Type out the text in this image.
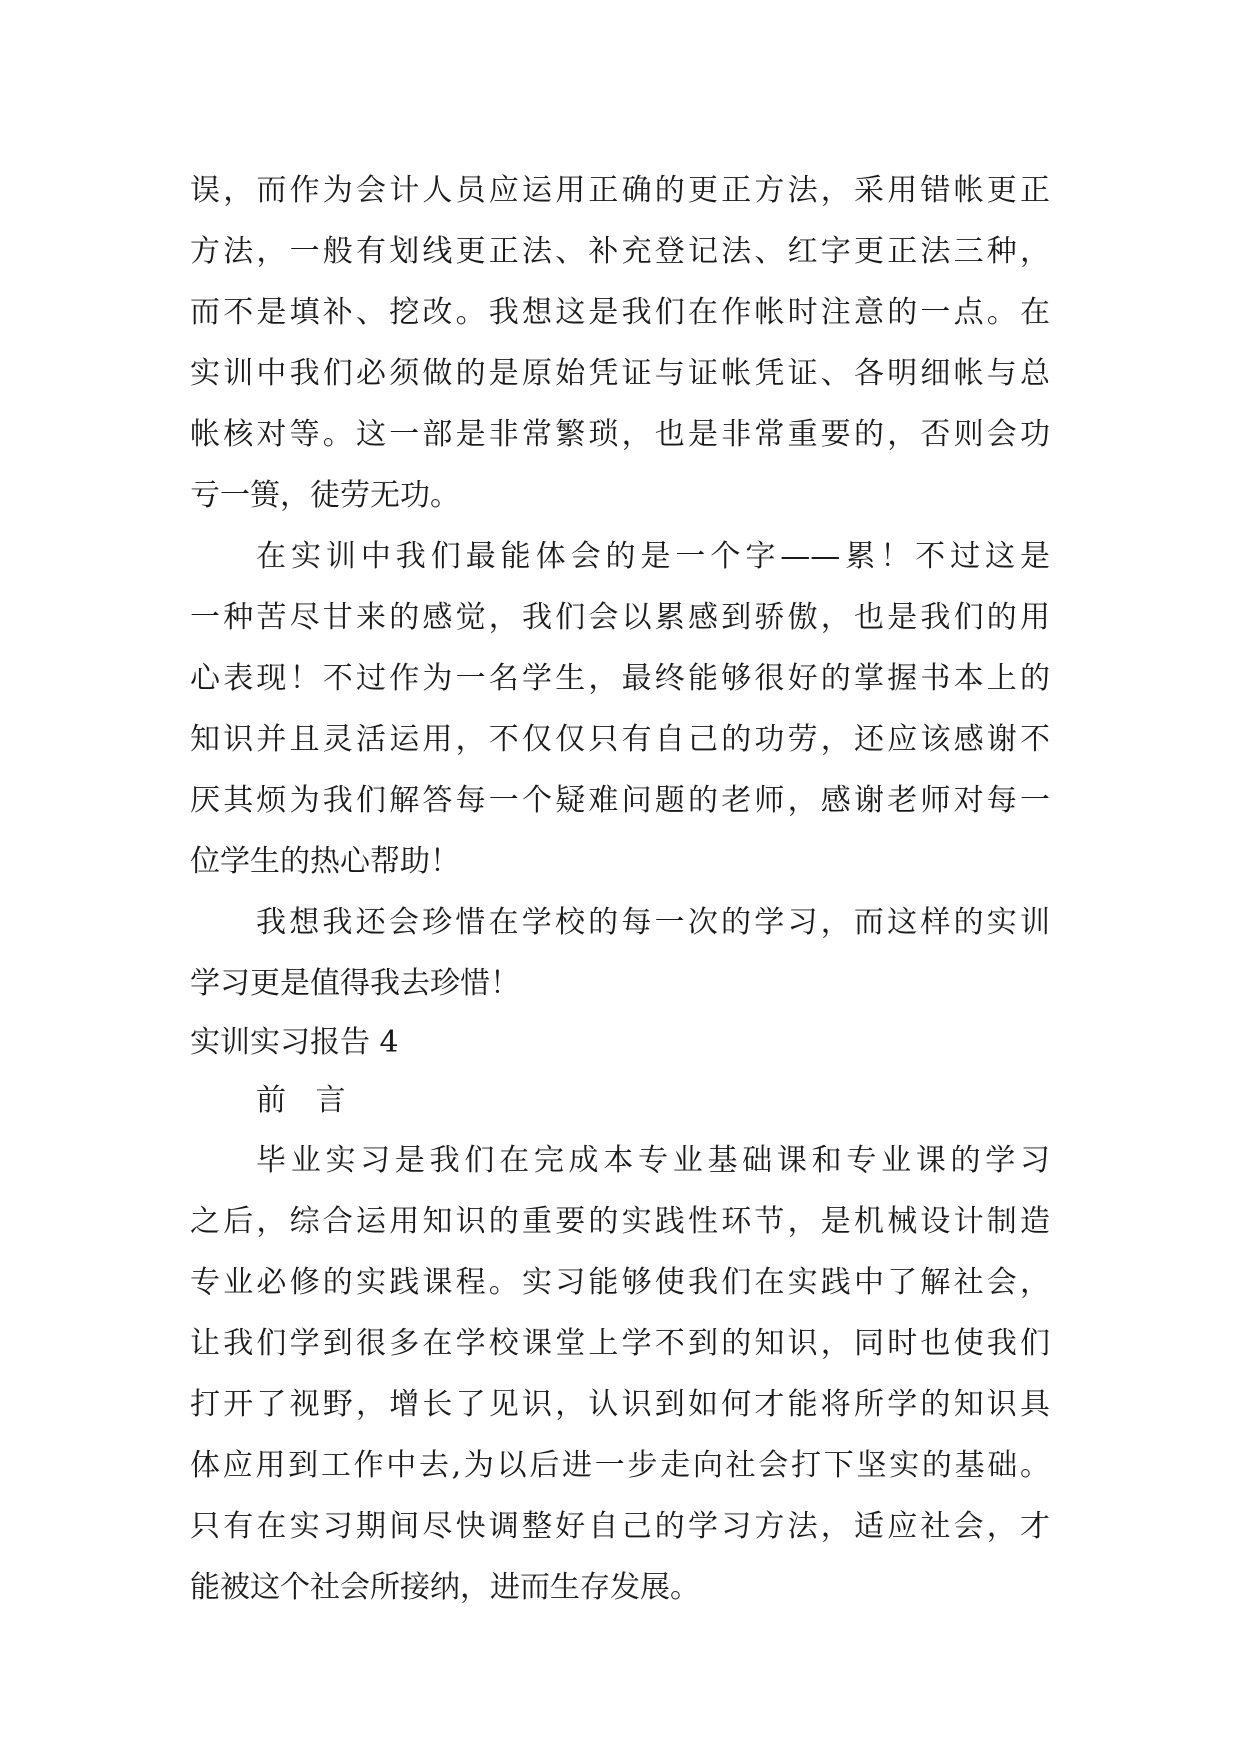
误，而作为会计人员应运用正确的更正方法，采用错帐更正
方法，一般有划线更正法、补充登记法、红字更正法三种，
而不是填补、挖改。我想这是我们在作帐时注意的一点。在
实训中我们必须做的是原始凭证与证帐凭证、各明细帐与总
帐核对等。这一部是非常繁琐，也是非常重要的，否则会功
亏一篑，徒劳无功。
在实训中我们最能体会的是一个字——累！不过这是
一种苦尽甘来的感觉，我们会以累感到骄傲，也是我们的用
心表现！不过作为一名学生，最终能够很好的掌握书本上的
知识并且灵活运用，不仅仅只有自己的功劳，还应该感谢不
厌其烦为我们解答每一个疑难问题的老师，感谢老师对每一
位学生的热心帮助！
我想我还会珍惜在学校的每一次的学习，而这样的实训
学习更是值得我去珍惜！
实训实习报告 4
前 言
毕业实习是我们在完成本专业基础课和专业课的学习
之后，综合运用知识的重要的实践性环节，是机械设计制造
专业必修的实践课程。实习能够使我们在实践中了解社会，
让我们学到很多在学校课堂上学不到的知识，同时也使我们
打开了视野，增长了见识，认识到如何才能将所学的知识具
体应用到工作中去,为以后进一步走向社会打下坚实的基础。
只有在实习期间尽快调整好自己的学习方法，适应社会，才
能被这个社会所接纳，进而生存发展。
